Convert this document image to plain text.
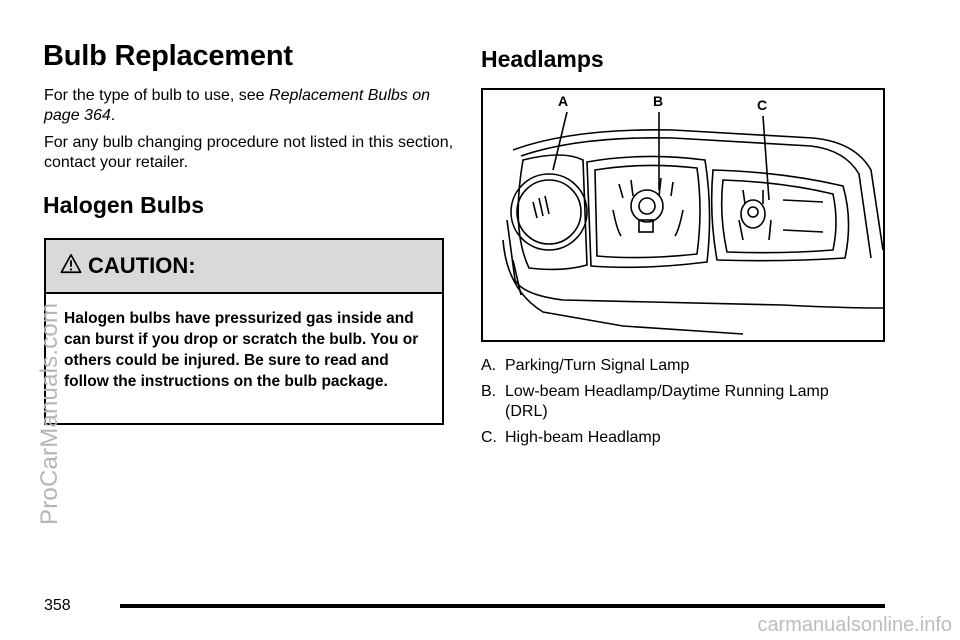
Bulb Replacement
For the type of bulb to use, see Replacement Bulbs on page 364.
For any bulb changing procedure not listed in this section, contact your retailer.
Halogen Bulbs
CAUTION:
Halogen bulbs have pressurized gas inside and can burst if you drop or scratch the bulb. You or others could be injured. Be sure to read and follow the instructions on the bulb package.
Headlamps
A	B	C
A. Parking/Turn Signal Lamp
B. Low-beam Headlamp/Daytime Running Lamp (DRL)
C. High-beam Headlamp
358
ProCarManuals.com
carmanualsonline.info
